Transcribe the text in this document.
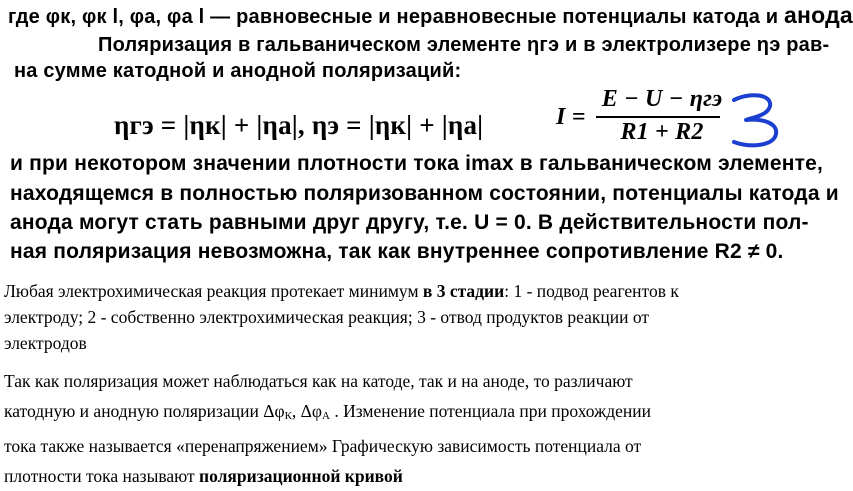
где φк, φк l, φа, φа l — равновесные и неравновесные потенциалы катода и анода
Поляризация в гальваническом элементе ηгэ и в электролизере ηэ рав-
на сумме катодной и анодной поляризаций:
ηгэ = |ηк| + |ηа|, ηэ = |ηк| + |ηа|	I =
E − U − ηгэ
R1 + R2
и при некотором значении плотности тока imax в гальваническом элементе,
находящемся в полностью поляризованном состоянии, потенциалы катода и
анода могут стать равными друг другу, т.е. U = 0. В действительности пол-
ная поляризация невозможна, так как внутреннее сопротивление R2 ≠ 0.
Любая электрохимическая реакция протекает минимум в 3 стадии: 1 - подвод реагентов к
электроду; 2 - собственно электрохимическая реакция; 3 - отвод продуктов реакции от
электродов
Так как поляризация может наблюдаться как на катоде, так и на аноде, то различают
катодную и анодную поляризации ΔφК, ΔφА . Изменение потенциала при прохождении
тока также называется «перенапряжением» Графическую зависимость потенциала от
плотности тока называют поляризационной кривой
